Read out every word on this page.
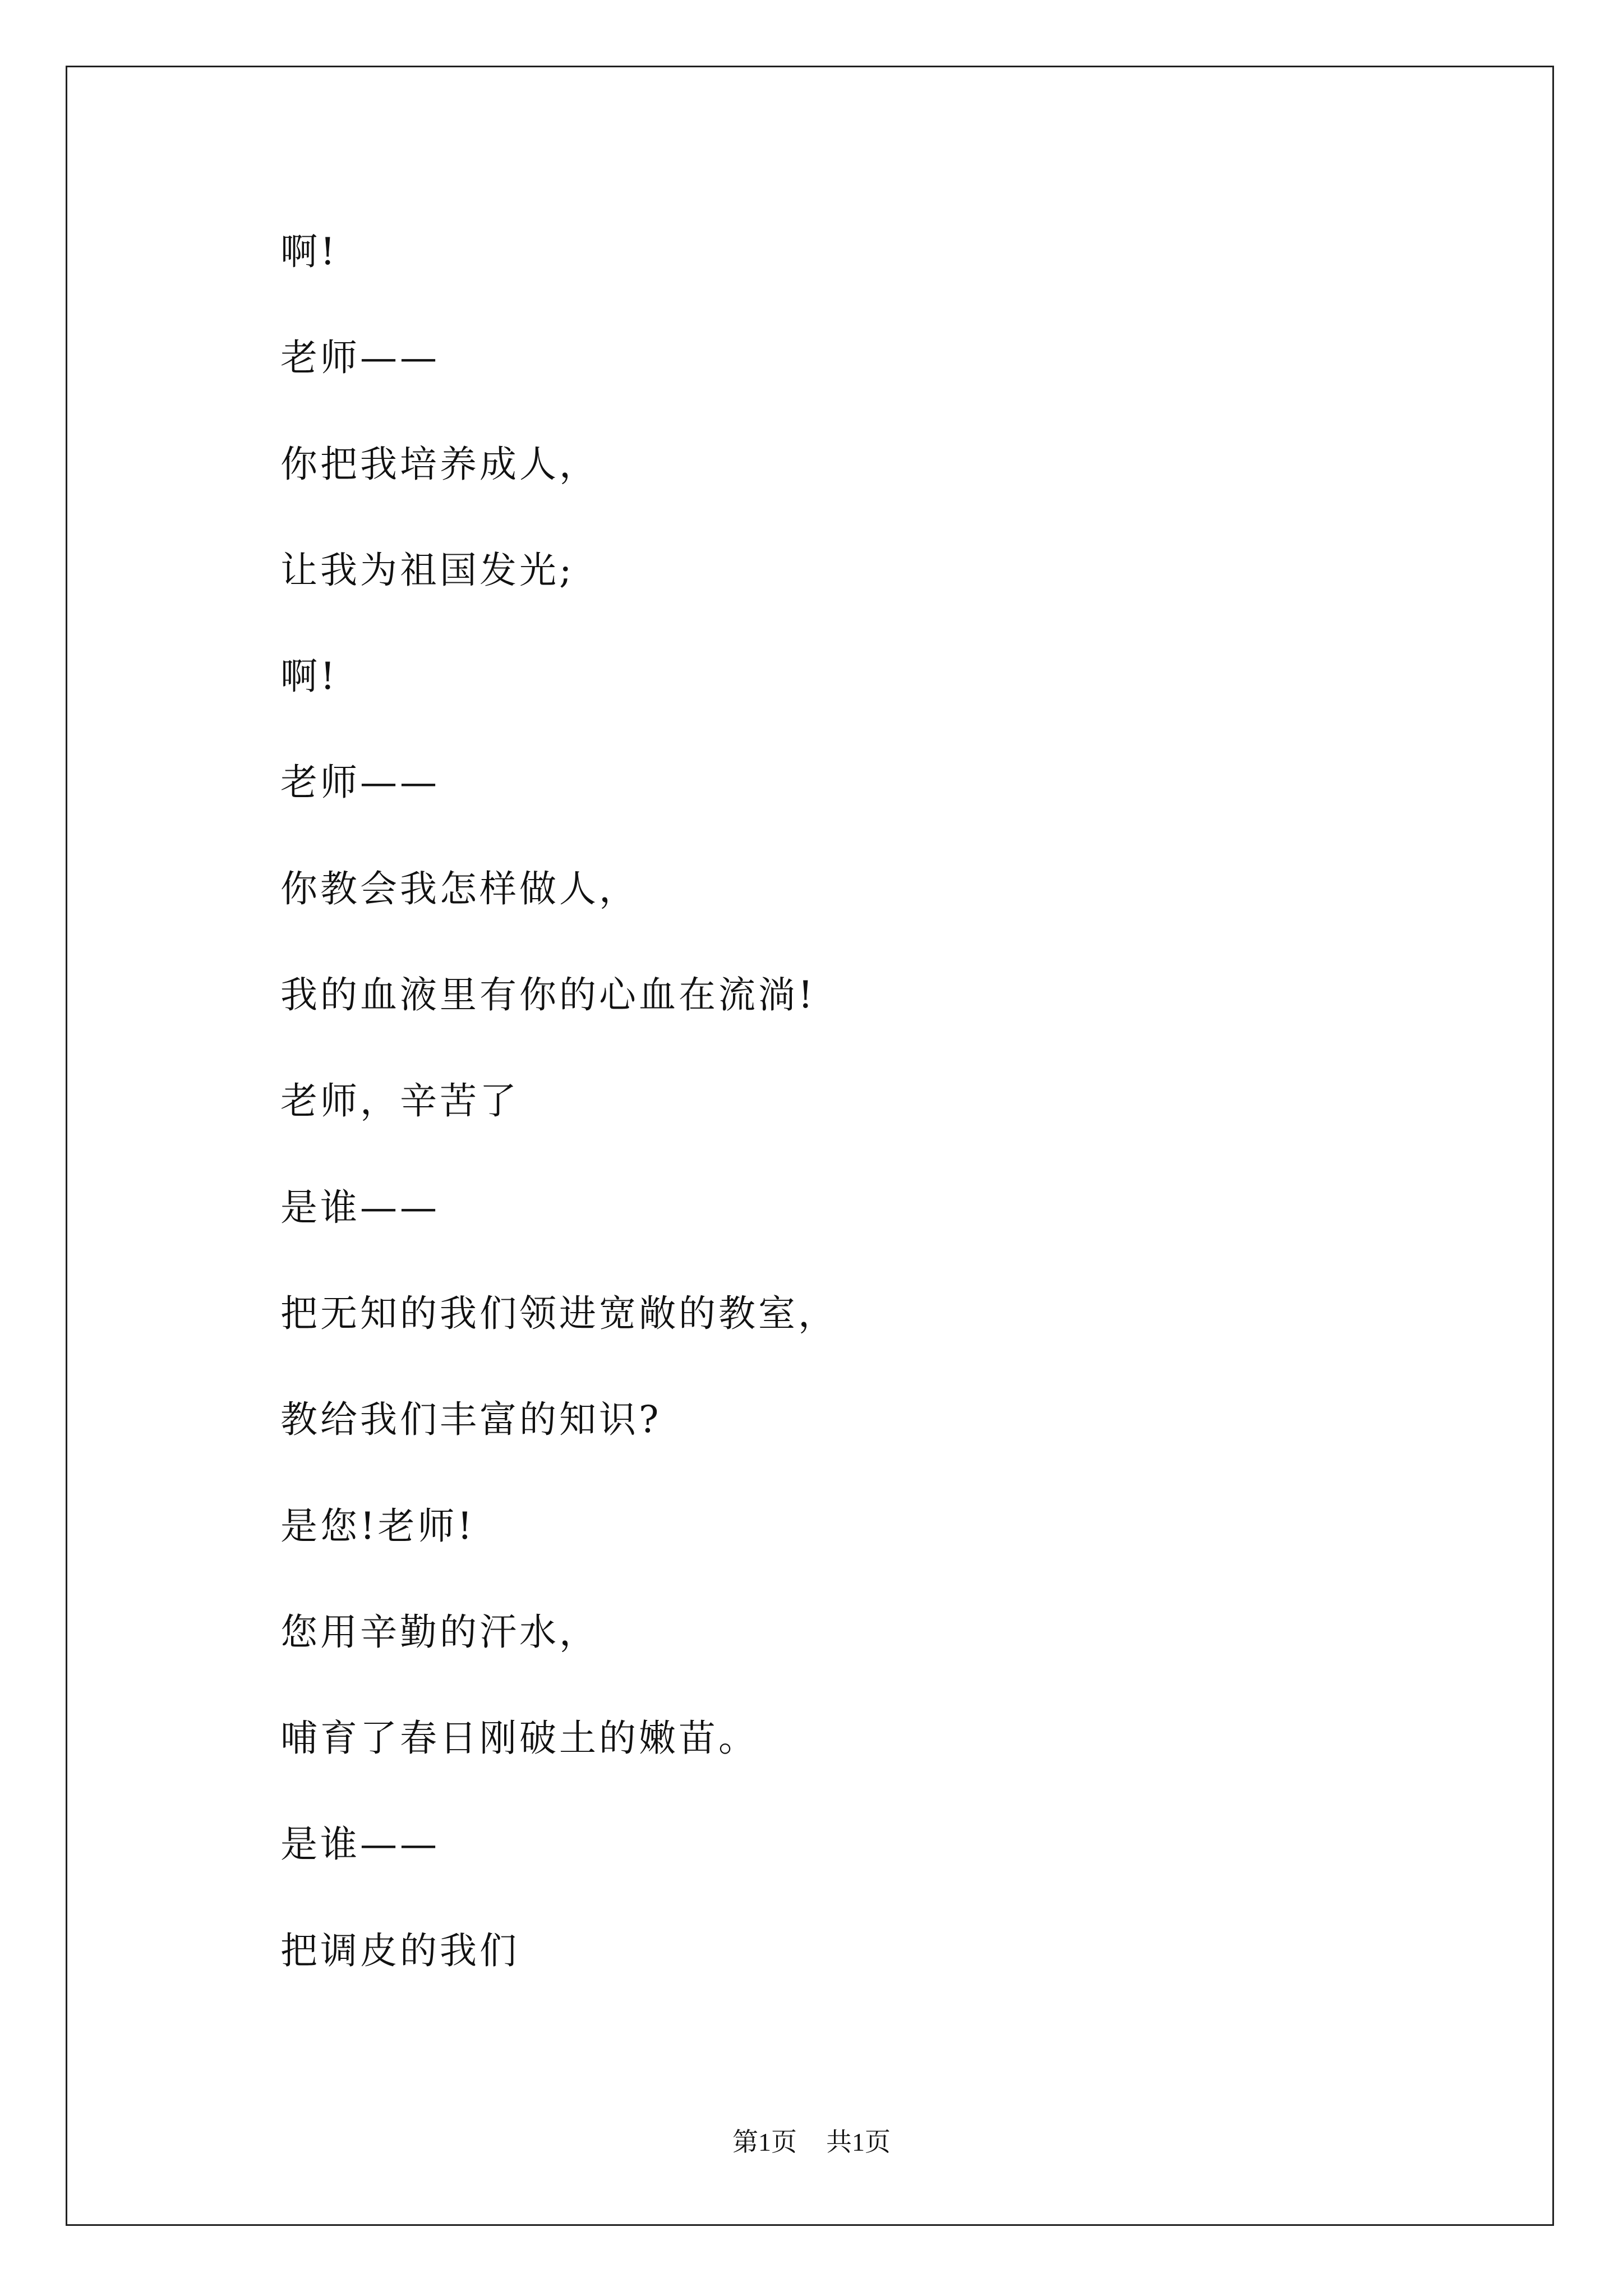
啊!
老师——
你把我培养成人，
让我为祖国发光;
啊!
老师——
你教会我怎样做人，
我的血液里有你的心血在流淌!
老师，辛苦了
是谁——
把无知的我们领进宽敞的教室，
教给我们丰富的知识?
是您!老师!
您用辛勤的汗水，
哺育了春日刚破土的嫩苗。
是谁——
把调皮的我们
第1页 共1页
